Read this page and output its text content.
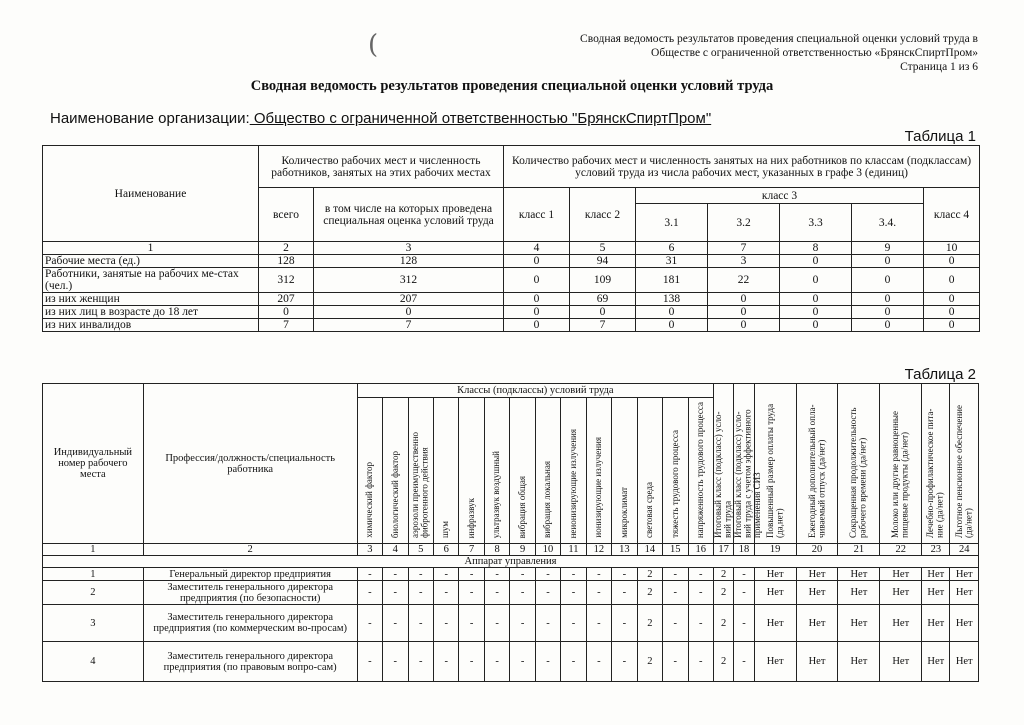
Сводная ведомость результатов проведения специальной оценки условий труда в
Обществе с ограниченной ответственностью «БрянскСпиртПром»
Страница 1 из 6
(
Сводная ведомость результатов проведения специальной оценки условий труда
Наименование организации: Общество с ограниченной ответственностью "БрянскСпиртПром"
Таблица 1
Наименование	Количество рабочих мест и численность работников, занятых на этих рабочих местах		Количество рабочих мест и численность занятых на них работников по классам (подклассам) условий труда из числа рабочих мест, указанных в графе 3 (единиц)						
	всего	в том числе на которых проведена специальная оценка условий труда	класс 1	класс 2	класс 3				класс 4
					3.1	3.2	3.3	3.4.	
1	2	3	4	5	6	7	8	9	10
Рабочие места (ед.)	128	128	0	94	31	3	0	0	0
Работники, занятые на рабочих ме-стах (чел.)	312	312	0	109	181	22	0	0	0
из них женщин	207	207	0	69	138	0	0	0	0
из них лиц в возрасте до 18 лет	0	0	0	0	0	0	0	0	0
из них инвалидов	7	7	0	7	0	0	0	0	0
Таблица 2
Индивидуальный номер рабочего места	Профессия/должность/специальность работника	Классы (подклассы) условий труда														Итоговый класс (подкласс) усло-вий труда	Итоговый класс (подкласс) усло-вий труда с учетом эффективного применения СИЗ	Повышенный размер оплаты труда (да,нет)	Ежегодный дополнительный опла-чиваемый отпуск (да/нет)	Сокращенная продолжительность рабочего времени (да/нет)	Молоко или другие равноценные пищевые продукты (да/нет)	Лечебно-профилактическое пита-ние (да/нет)	Льготное пенсионное обеспечение (да/нет)
		химический фактор	биологический фактор	аэрозоли преимущественно фиброгенного действия	шум	инфразвук	ультразвук воздушный	вибрация общая	вибрация локальная	неионизирующие излучения	ионизирующие излучения	микроклимат	световая среда	тяжесть трудового процесса	напряженность трудового процесса								
1	2	3	4	5	6	7	8	9	10	11	12	13	14	15	16	17	18	19	20	21	22	23	24
Аппарат управления																							
1	Генеральный директор предприятия	-	-	-	-	-	-	-	-	-	-	-	2	-	-	2	-	Нет	Нет	Нет	Нет	Нет	Нет
2	Заместитель генерального директора предприятия (по безопасности)	-	-	-	-	-	-	-	-	-	-	-	2	-	-	2	-	Нет	Нет	Нет	Нет	Нет	Нет
3	Заместитель генерального директора предприятия (по коммерческим во-просам)	-	-	-	-	-	-	-	-	-	-	-	2	-	-	2	-	Нет	Нет	Нет	Нет	Нет	Нет
4	Заместитель генерального директора предприятия (по правовым вопро-сам)	-	-	-	-	-	-	-	-	-	-	-	2	-	-	2	-	Нет	Нет	Нет	Нет	Нет	Нет
